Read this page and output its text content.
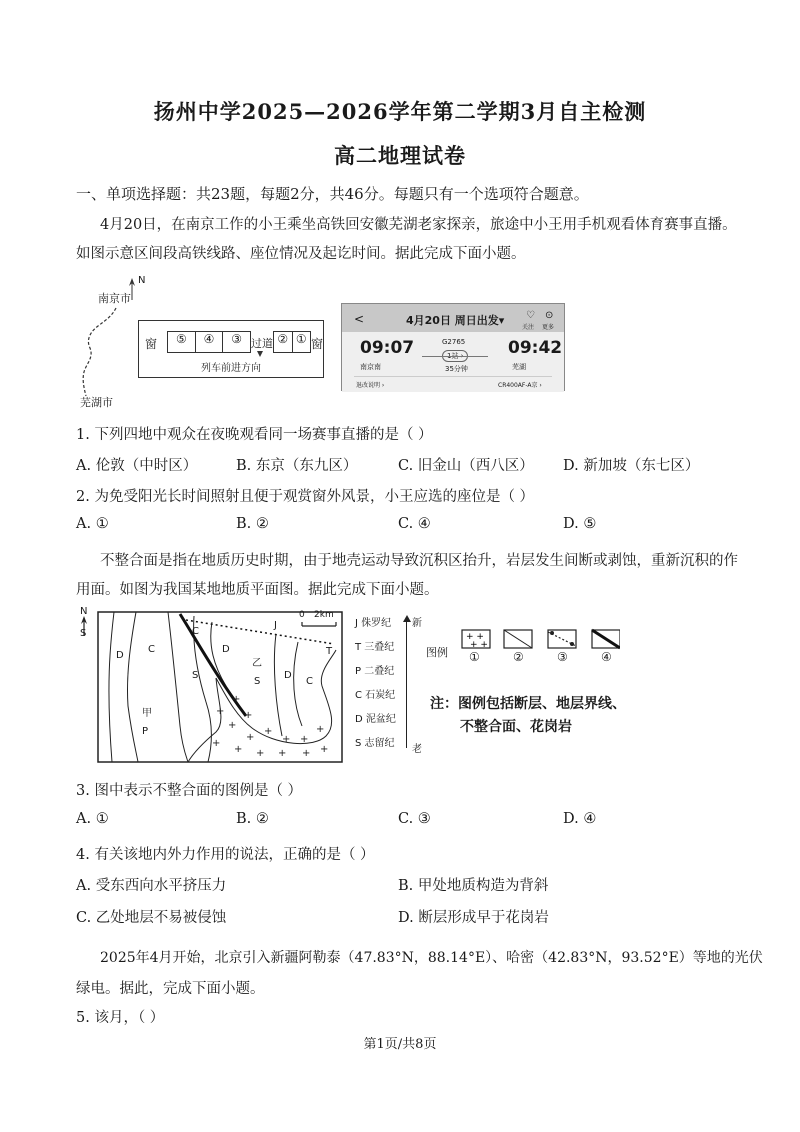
扬州中学2025—2026学年第二学期3月自主检测
高二地理试卷
一、单项选择题：共23题，每题2分，共46分。每题只有一个选项符合题意。
4月20日，在南京工作的小王乘坐高铁回安徽芜湖老家探亲，旅途中小王用手机观看体育赛事直播。
如图示意区间段高铁线路、座位情况及起讫时间。据此完成下面小题。
N
南京市
芜湖市
窗	⑤	④	③ 过道 ② ① 窗
列车前进方向
<	4月20日 周日出发▾ ♡ ⊙
关注 更多
09:07
南京南
G2765
1站 ›
35分钟
09:42
芜湖
退改说明 ›	CR400AF-A京 ›
1. 下列四地中观众在夜晚观看同一场赛事直播的是（ ）
A. 伦敦（中时区）	B. 东京（东九区）	C. 旧金山（西八区） D. 新加坡（东七区）
2. 为免受阳光长时间照射且便于观赏窗外风景，小王应选的座位是（ ）
A. ①	B. ②	C. ④	D. ⑤
不整合面是指在地质历史时期，由于地壳运动导致沉积区抬升，岩层发生间断或剥蚀，重新沉积的作
用面。如图为我国某地地质平面图。据此完成下面小题。
+
+
+
+
+
+ +
+
+
+ + + + +
+
N	0 2km
S
D
C
甲
P
C
D
S
乙
S
D
C
J
T
J 侏罗纪
T 三叠纪
P 二叠纪
C 石炭纪
D 泥盆纪
S 志留纪
新
老
图例
+ +
+ +
①	②	③	④
注：图例包括断层、地层界线、
不整合面、花岗岩
3. 图中表示不整合面的图例是（ ）
A. ①	B. ②	C. ③	D. ④
4. 有关该地内外力作用的说法，正确的是（ ）
A. 受东西向水平挤压力	B. 甲处地质构造为背斜
C. 乙处地层不易被侵蚀	D. 断层形成早于花岗岩
2025年4月开始，北京引入新疆阿勒泰（47.83°N，88.14°E）、哈密（42.83°N，93.52°E）等地的光伏
绿电。据此，完成下面小题。
5. 该月，（ ）
第1页/共8页
